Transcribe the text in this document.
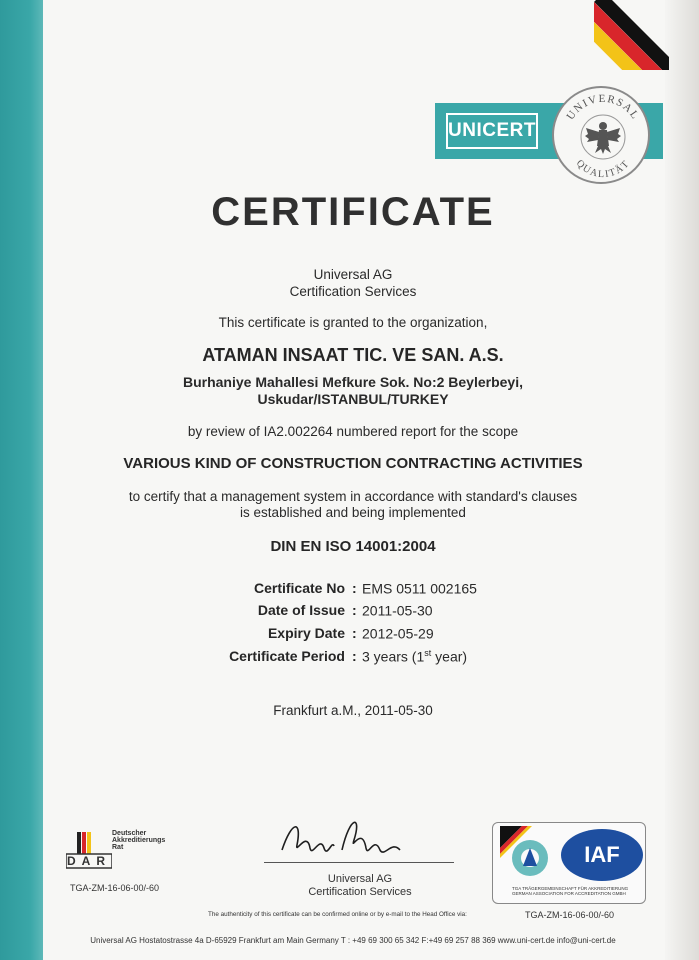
UNICERT
UNIVERSAL
QUALITÄT
CERTIFICATE
Universal AG
Certification Services
This certificate is granted to the organization,
ATAMAN INSAAT TIC. VE SAN. A.S.
Burhaniye Mahallesi Mefkure Sok. No:2 Beylerbeyi,
Uskudar/ISTANBUL/TURKEY
by review of IA2.002264 numbered report for the scope
VARIOUS KIND OF CONSTRUCTION CONTRACTING ACTIVITIES
to certify that a management system in accordance with standard's clauses
is established and being implemented
DIN EN ISO 14001:2004
Certificate No : EMS 0511 002165
Date of Issue : 2011-05-30
Expiry Date : 2012-05-29
Certificate Period : 3 years (1st year)
Frankfurt a.M., 2011-05-30
DAR
Deutscher
Akkreditierungs
Rat
TGA-ZM-16-06-00/-60
Universal AG
Certification Services
IAF
TGA TRÄGERGEMEINSCHAFT FÜR AKKREDITIERUNG
GERMAN ASSOCIATION FOR ACCREDITATION GMBH
TGA-ZM-16-06-00/-60
The authenticity of this certificate can be confirmed online or by e-mail to the Head Office via:
Universal AG Hostatostrasse 4a D-65929 Frankfurt am Main Germany T : +49 69 300 65 342 F:+49 69 257 88 369 www.uni-cert.de info@uni-cert.de
